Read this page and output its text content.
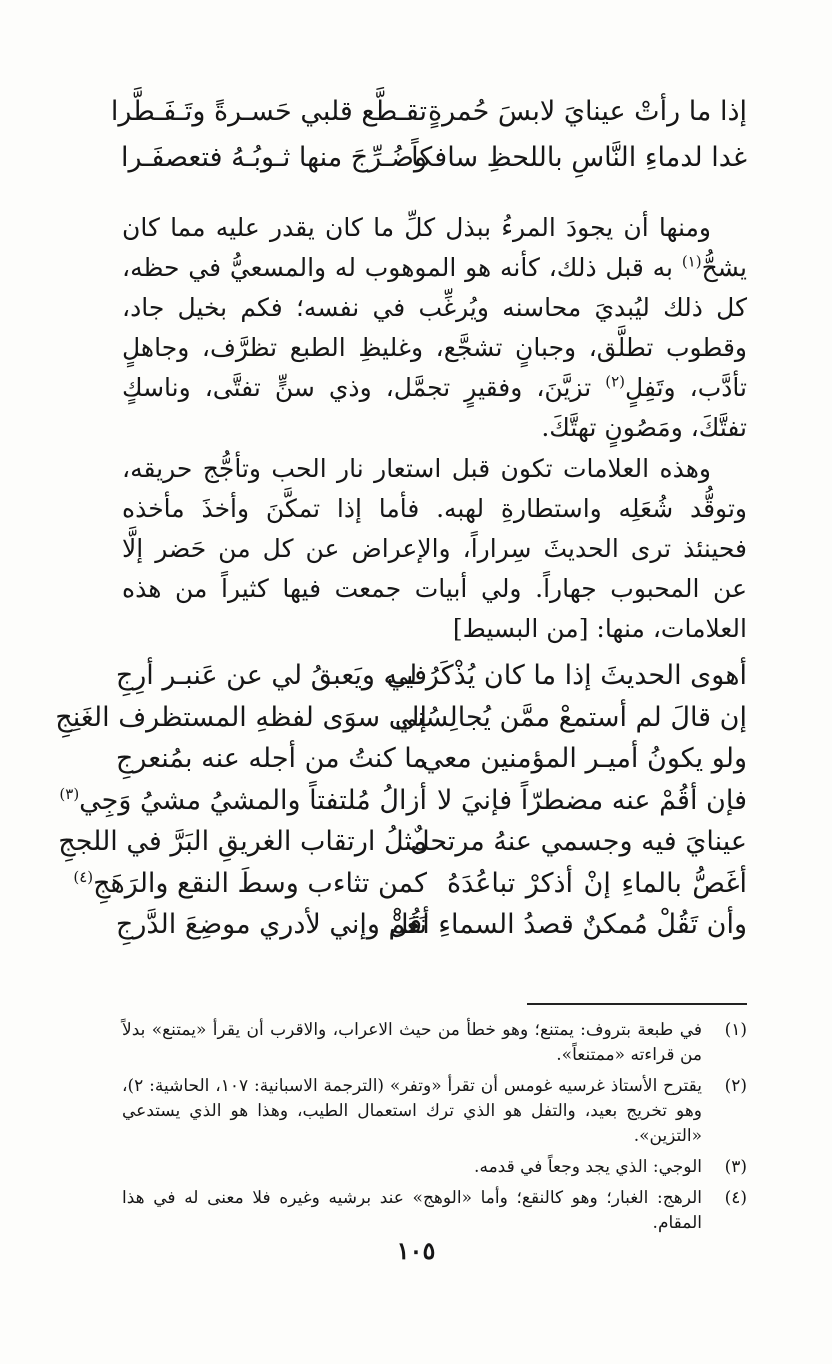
إذا ما رأتْ عينايَ لابسَ حُمرةٍ
تقـطَّع قلبي حَسـرةً وتَـفَـطَّرا
غدا لدماءِ النَّاسِ باللحظِ سافكاً
وضُـرِّجَ منها ثـوبُـهُ فتعصفَـرا

ومنها أن يجودَ المرءُ ببذل كلِّ ما كان يقدر عليه مما كان يشحُّ$^{(١)}$ به قبل ذلك، كأنه هو الموهوب له والمسعيُّ في حظه، كل ذلك ليُبديَ محاسنه ويُرغِّب في نفسه؛ فكم بخيل جاد، وقطوب تطلَّق، وجبانٍ تشجَّع، وغليظِ الطبع تظرَّف، وجاهلٍ تأدَّب، وتَفِلٍ$^{(٢)}$ تزيَّنَ، وفقيرٍ تجمَّل، وذي سنٍّ تفتَّى، وناسكٍ تفتَّكَ، ومَصُونٍ تهتَّكَ.

وهذه العلامات تكون قبل استعار نار الحب وتأجُّج حريقه، وتوقُّد شُعَلِه واستطارةِ لهبه. فأما إذا تمكَّنَ وأخذَ مأخذه فحينئذ ترى الحديثَ سِراراً، والإعراض عن كل من حَضر إلَّا عن المحبوب جهاراً. ولي أبيات جمعت فيها كثيراً من هذه العلامات، منها: [من البسيط]

أهوى الحديثَ إذا ما كان يُذْكَرُ لي
فيـه ويَعبقُ لي عن عَنبـر أرِجِ
إن قالَ لم أستمعْ ممَّن يُجالِسُني
إلى سوَى لفظهِ المستظرف الغَنِجِ
ولو يكونُ أميـر المؤمنين معي
ما كنتُ من أجله عنه بمُنعرجِ
فإن أقُمْ عنه مضطرّاً فإنيَ لا
أزالُ مُلتفتاً والمشيُ مشيُ وَجِي$^{(٣)}$
عينايَ فيه وجسمي عنهُ مرتحلٌ
مثلُ ارتقاب الغريقِ البَرَّ في اللججِ
أغَصُّ بالماءِ إنْ أذكرْ تباعُدَهُ
كمن تثاءب وسطَ النقع والرَهَجِ$^{(٤)}$
وأن تَقُلْ مُمكنٌ قصدُ السماءِ أقُلْ
نَعَمْ وإني لأدري موضِعَ الدَّرجِ
(١)
في طبعة بتروف: يمتنع؛ وهو خطأ من حيث الاعراب، والاقرب أن يقرأ «يمتنع» بدلاً من قراءته «ممتنعاً».
(٢)
يقترح الأستاذ غرسيه غومس أن تقرأ «وتفر» (الترجمة الاسبانية: ١٠٧، الحاشية: ٢)، وهو تخريج بعيد، والتفل هو الذي ترك استعمال الطيب، وهذا هو الذي يستدعي «التزين».
(٣)
الوجي: الذي يجد وجعاً في قدمه.
(٤)
الرهج: الغبار؛ وهو كالنقع؛ وأما «الوهج» عند برشيه وغيره فلا معنى له في هذا المقام.
١٠٥
